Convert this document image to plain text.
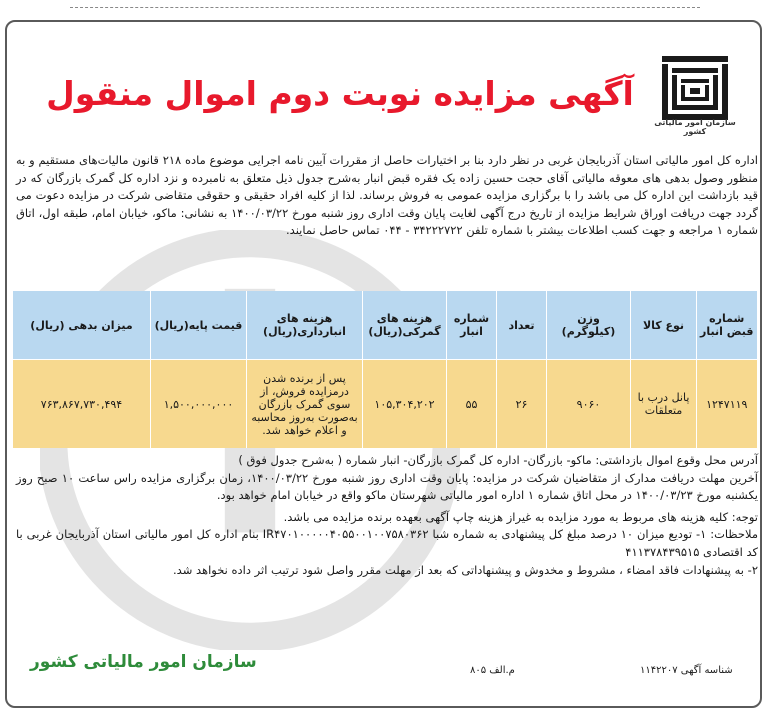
سازمان امور مالیاتی کشور
آگهی مزایده نوبت دوم اموال منقول

اداره کل امور مالیاتی استان آذربایجان غربی در نظر دارد بنا بر اختیارات حاصل از مقررات آیین نامه اجرایی موضوع ماده ۲۱۸ قانون مالیات‌های مستقیم و به منظور وصول بدهی های معوقه مالیاتی آقای حجت حسین زاده یک فقره قبض انبار به‌شرح جدول ذیل متعلق به نامبرده و نزد اداره کل گمرک بازرگان که در قید بازداشت این اداره کل می باشد را با برگزاری مزایده عمومی به فروش برساند. لذا از کلیه افراد حقیقی و حقوقی متقاضی شرکت در مزایده دعوت می گردد جهت دریافت اوراق شرایط مزایده از تاریخ درج آگهی لغایت پایان وقت اداری روز شنبه مورخ ۱۴۰۰/۰۳/۲۲ به نشانی: ماکو، خیابان امام، طبقه اول، اتاق شماره ۱ مراجعه و جهت کسب اطلاعات بیشتر با شماره تلفن ۳۴۲۲۲۷۲۲ - ۰۴۴ تماس حاصل نمایند.

شماره قبض انبار	نوع کالا	وزن (کیلوگرم)	تعداد	شماره انبار	هزینه های گمرکی(ریال)	هزینه های انبارداری(ریال)	قیمت پایه(ریال)	میزان بدهی (ریال)
۱۲۴۷۱۱۹	پانل درب با متعلقات	۹۰۶۰	۲۶	۵۵	۱۰۵,۳۰۴,۲۰۲	پس از برنده شدن درمزایده فروش، از سوی گمرک بازرگان به‌صورت به‌روز محاسبه و اعلام خواهد شد.	۱,۵۰۰,۰۰۰,۰۰۰	۷۶۳,۸۶۷,۷۳۰,۴۹۴

آدرس محل وقوع اموال بازداشتی: ماکو- بازرگان- اداره کل گمرک بازرگان- انبار شماره ( به‌شرح جدول فوق )

آخرین مهلت دریافت مدارک از متقاضیان شرکت در مزایده: پایان وقت اداری روز شنبه مورخ ۱۴۰۰/۰۳/۲۲، زمان برگزاری مزایده راس ساعت ۱۰ صبح روز یکشنبه مورخ ۱۴۰۰/۰۳/۲۳ در محل اتاق شماره ۱ اداره امور مالیاتی شهرستان ماکو واقع در خیابان امام خواهد بود.

توجه: کلیه هزینه های مربوط به مورد مزایده به غیراز هزینه چاپ آگهی بعهده برنده مزایده می باشد.

ملاحظات: ۱- تودیع میزان ۱۰ درصد مبلغ کل پیشنهادی به شماره شبا IR۴۷۰۱۰۰۰۰۰۴۰۵۵۰۰۱۰۰۷۵۸۰۳۶۲ بنام اداره کل امور مالیاتی استان آذربایجان غربی با کد اقتصادی ۴۱۱۳۷۸۴۳۹۵۱۵

۲- به پیشنهادات فاقد امضاء ، مشروط و مخدوش و پیشنهاداتی که بعد از مهلت مقرر واصل شود ترتیب اثر داده نخواهد شد.

شناسه آگهی ۱۱۴۲۲۰۷
م.الف ۸۰۵
سازمان امور مالیاتی کشور
